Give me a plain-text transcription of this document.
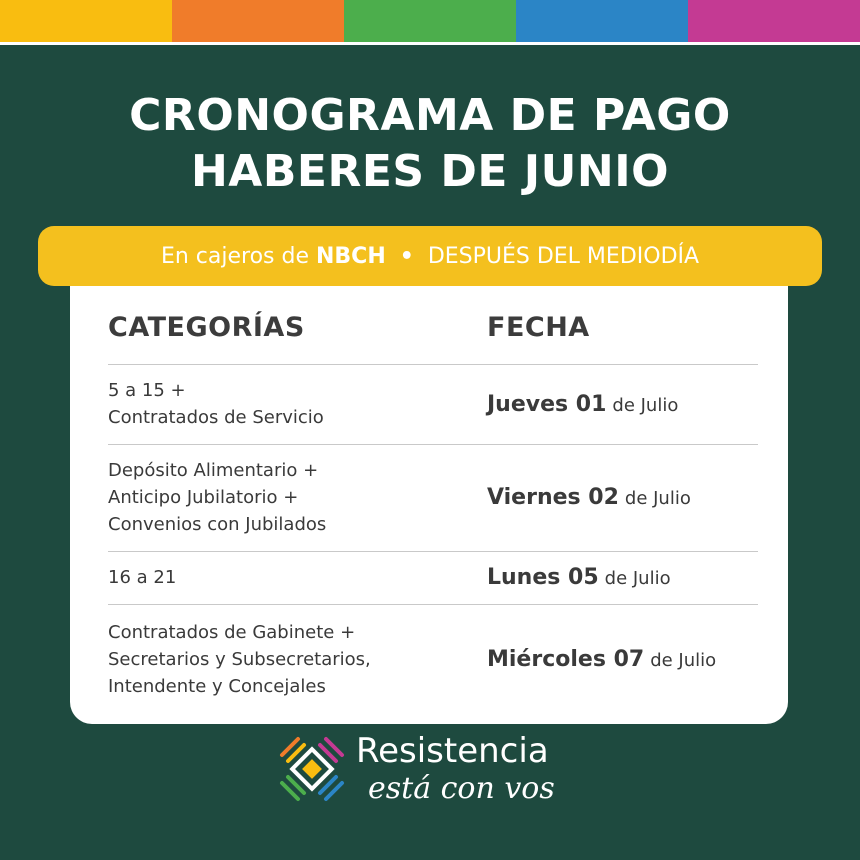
CRONOGRAMA DE PAGO
HABERES DE JUNIO
En cajeros de
NBCH • DESPUÉS DEL MEDIODÍA
CATEGORÍAS	FECHA
5 a 15 +
Contratados de Servicio
Jueves 01 de Julio
Depósito Alimentario +
Anticipo Jubilatorio +
Convenios con Jubilados
Viernes 02 de Julio
16 a 21	Lunes 05 de Julio
Contratados de Gabinete +
Secretarios y Subsecretarios,
Intendente y Concejales
Miércoles 07 de Julio
Resistencia
está con vos
